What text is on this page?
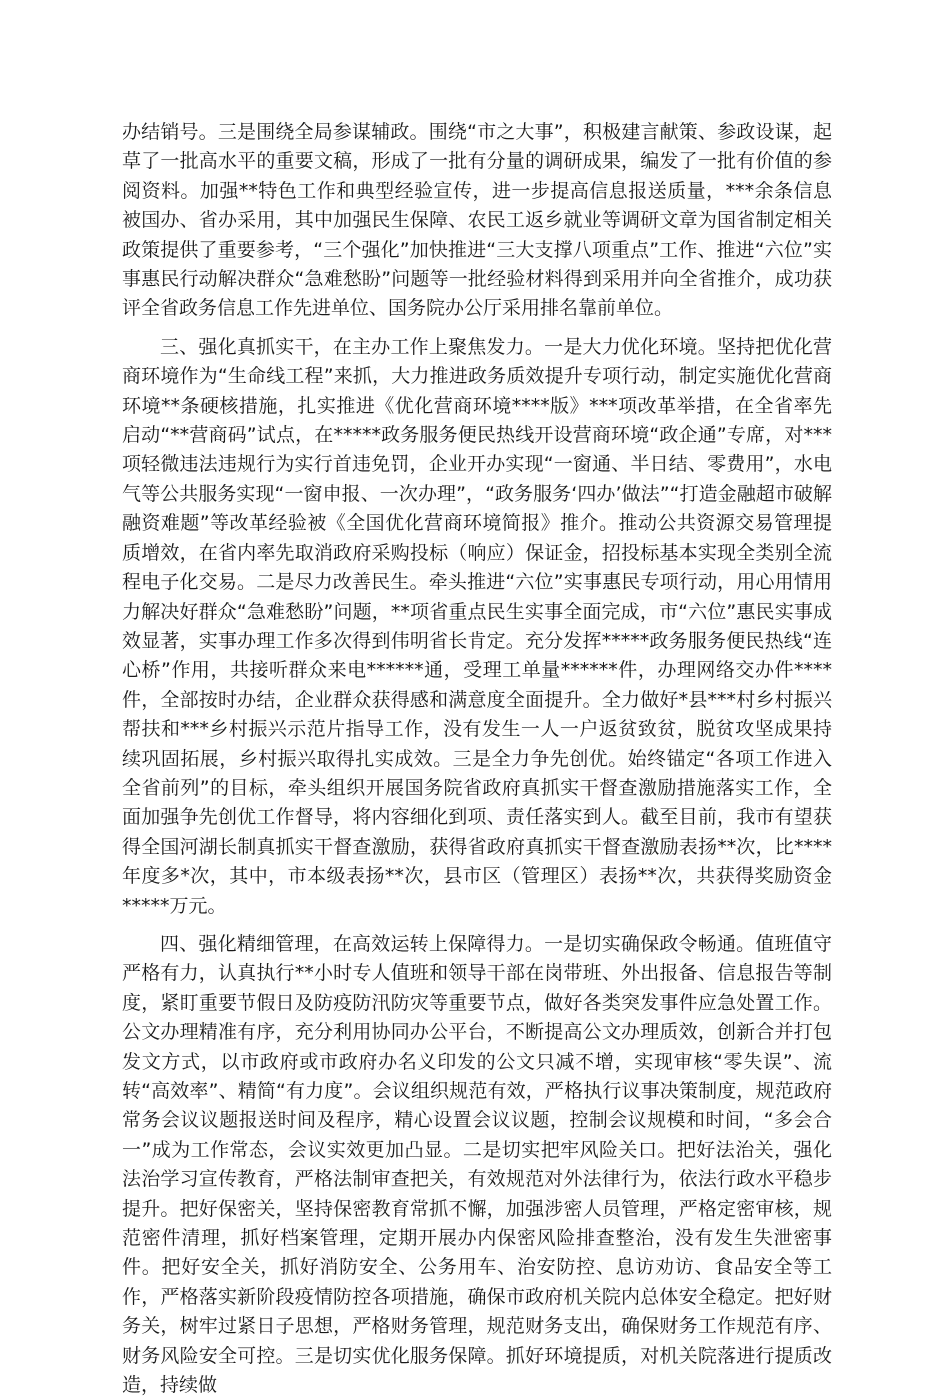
办结销号。三是围绕全局参谋辅政。围绕“市之大事”，积极建言献策、参政设谋，起草了一批高水平的重要文稿，形成了一批有分量的调研成果，编发了一批有价值的参阅资料。加强**特色工作和典型经验宣传，进一步提高信息报送质量，***余条信息被国办、省办采用，其中加强民生保障、农民工返乡就业等调研文章为国省制定相关政策提供了重要参考，“三个强化”加快推进“三大支撑八项重点”工作、推进“六位”实事惠民行动解决群众“急难愁盼”问题等一批经验材料得到采用并向全省推介，成功获评全省政务信息工作先进单位、国务院办公厅采用排名靠前单位。

三、强化真抓实干，在主办工作上聚焦发力。一是大力优化环境。坚持把优化营商环境作为“生命线工程”来抓，大力推进政务质效提升专项行动，制定实施优化营商环境**条硬核措施，扎实推进《优化营商环境****版》***项改革举措，在全省率先启动“**营商码”试点，在*****政务服务便民热线开设营商环境“政企通”专席，对***项轻微违法违规行为实行首违免罚，企业开办实现“一窗通、半日结、零费用”，水电气等公共服务实现“一窗申报、一次办理”，“政务服务‘四办’做法”“打造金融超市破解融资难题”等改革经验被《全国优化营商环境简报》推介。推动公共资源交易管理提质增效，在省内率先取消政府采购投标（响应）保证金，招投标基本实现全类别全流程电子化交易。二是尽力改善民生。牵头推进“六位”实事惠民专项行动，用心用情用力解决好群众“急难愁盼”问题，**项省重点民生实事全面完成，市“六位”惠民实事成效显著，实事办理工作多次得到伟明省长肯定。充分发挥*****政务服务便民热线“连心桥”作用，共接听群众来电******通，受理工单量******件，办理网络交办件****件，全部按时办结，企业群众获得感和满意度全面提升。全力做好*县***村乡村振兴帮扶和***乡村振兴示范片指导工作，没有发生一人一户返贫致贫，脱贫攻坚成果持续巩固拓展，乡村振兴取得扎实成效。三是全力争先创优。始终锚定“各项工作进入全省前列”的目标，牵头组织开展国务院省政府真抓实干督查激励措施落实工作，全面加强争先创优工作督导，将内容细化到项、责任落实到人。截至目前，我市有望获得全国河湖长制真抓实干督查激励，获得省政府真抓实干督查激励表扬**次，比****年度多*次，其中，市本级表扬**次，县市区（管理区）表扬**次，共获得奖励资金*****万元。

四、强化精细管理，在高效运转上保障得力。一是切实确保政令畅通。值班值守严格有力，认真执行**小时专人值班和领导干部在岗带班、外出报备、信息报告等制度，紧盯重要节假日及防疫防汛防灾等重要节点，做好各类突发事件应急处置工作。公文办理精准有序，充分利用协同办公平台，不断提高公文办理质效，创新合并打包发文方式，以市政府或市政府办名义印发的公文只减不增，实现审核“零失误”、流转“高效率”、精简“有力度”。会议组织规范有效，严格执行议事决策制度，规范政府常务会议议题报送时间及程序，精心设置会议议题，控制会议规模和时间，“多会合一”成为工作常态，会议实效更加凸显。二是切实把牢风险关口。把好法治关，强化法治学习宣传教育，严格法制审查把关，有效规范对外法律行为，依法行政水平稳步提升。把好保密关，坚持保密教育常抓不懈，加强涉密人员管理，严格定密审核，规范密件清理，抓好档案管理，定期开展办内保密风险排查整治，没有发生失泄密事件。把好安全关，抓好消防安全、公务用车、治安防控、息访劝访、食品安全等工作，严格落实新阶段疫情防控各项措施，确保市政府机关院内总体安全稳定。把好财务关，树牢过紧日子思想，严格财务管理，规范财务支出，确保财务工作规范有序、财务风险安全可控。三是切实优化服务保障。抓好环境提质，对机关院落进行提质改造，持续做
